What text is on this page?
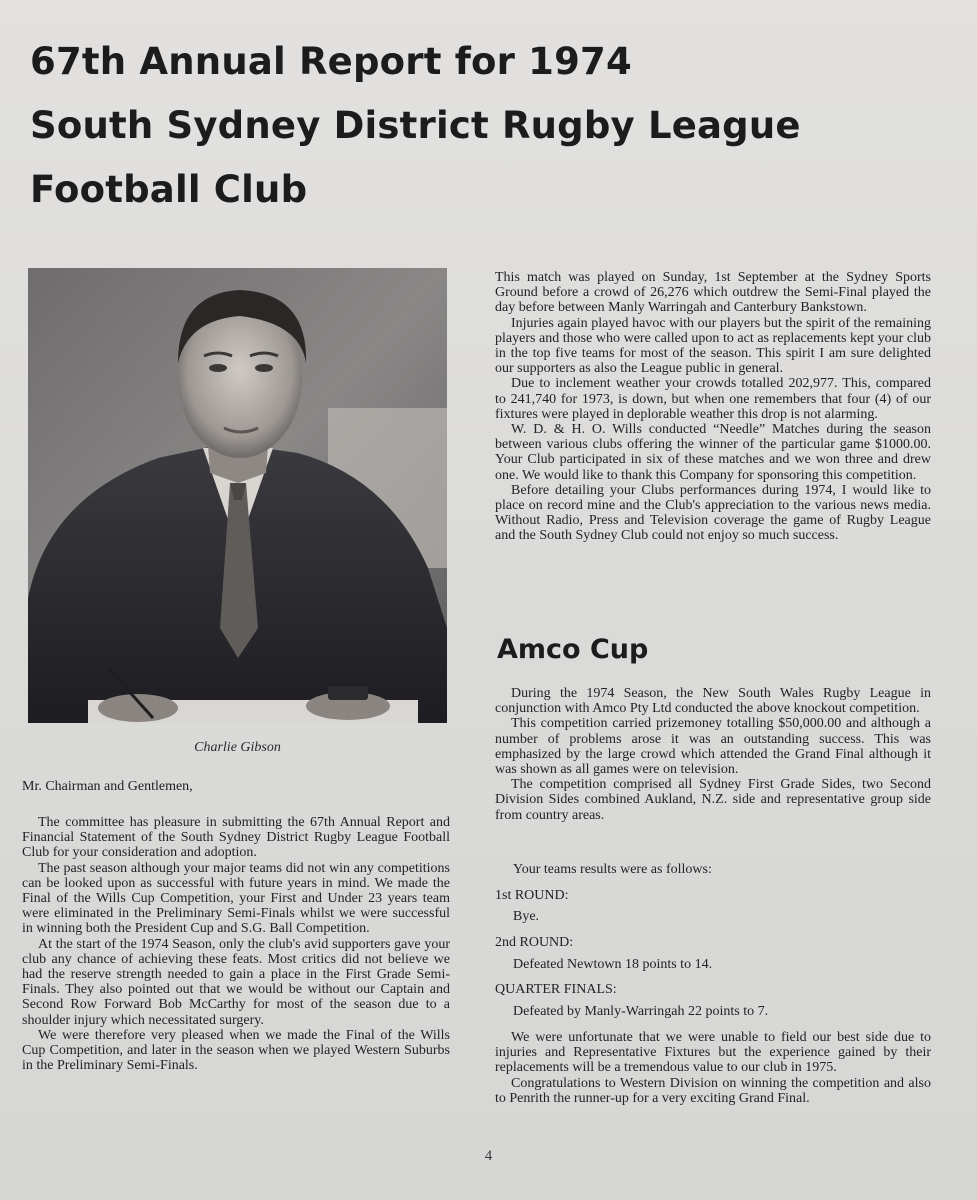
67th Annual Report for 1974
South Sydney District Rugby League
Football Club
Charlie Gibson
Mr. Chairman and Gentlemen,

The committee has pleasure in submitting the 67th Annual Report and Financial Statement of the South Sydney District Rugby League Football Club for your consideration and adoption.

The past season although your major teams did not win any competitions can be looked upon as successful with future years in mind. We made the Final of the Wills Cup Competition, your First and Under 23 years team were eliminated in the Preliminary Semi-Finals whilst we were successful in winning both the President Cup and S.G. Ball Competition.

At the start of the 1974 Season, only the club's avid supporters gave your club any chance of achieving these feats. Most critics did not believe we had the reserve strength needed to gain a place in the First Grade Semi-Finals. They also pointed out that we would be without our Captain and Second Row Forward Bob McCarthy for most of the season due to a shoulder injury which necessitated surgery.

We were therefore very pleased when we made the Final of the Wills Cup Competition, and later in the season when we played Western Suburbs in the Preliminary Semi-Finals.

This match was played on Sunday, 1st September at the Sydney Sports Ground before a crowd of 26,276 which outdrew the Semi-Final played the day before between Manly Warringah and Canterbury Bankstown.

Injuries again played havoc with our players but the spirit of the remaining players and those who were called upon to act as replacements kept your club in the top five teams for most of the season. This spirit I am sure delighted our supporters as also the League public in general.

Due to inclement weather your crowds totalled 202,977. This, compared to 241,740 for 1973, is down, but when one remembers that four (4) of our fixtures were played in deplorable weather this drop is not alarming.

W. D. & H. O. Wills conducted “Needle” Matches during the season between various clubs offering the winner of the particular game $1000.00. Your Club participated in six of these matches and we won three and drew one. We would like to thank this Company for sponsoring this competition.

Before detailing your Clubs performances during 1974, I would like to place on record mine and the Club's appreciation to the various news media. Without Radio, Press and Television coverage the game of Rugby League and the South Sydney Club could not enjoy so much success.

Amco Cup

During the 1974 Season, the New South Wales Rugby League in conjunction with Amco Pty Ltd conducted the above knockout competition.

This competition carried prizemoney totalling $50,000.00 and although a number of problems arose it was an outstanding success. This was emphasized by the large crowd which attended the Grand Final although it was shown as all games were on television.

The competition comprised all Sydney First Grade Sides, two Second Division Sides combined Aukland, N.Z. side and representative group side from country areas.

Your teams results were as follows:
1st ROUND:
Bye.
2nd ROUND:
Defeated Newtown 18 points to 14.
QUARTER FINALS:
Defeated by Manly-Warringah 22 points to 7.

We were unfortunate that we were unable to field our best side due to injuries and Representative Fixtures but the experience gained by their replacements will be a tremendous value to our club in 1975.

Congratulations to Western Division on winning the competition and also to Penrith the runner-up for a very exciting Grand Final.

4
